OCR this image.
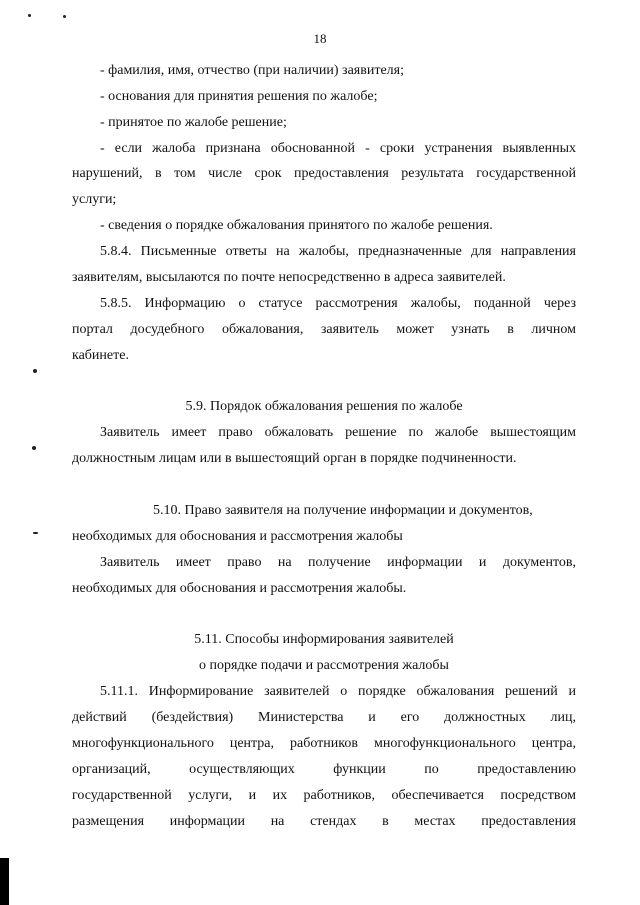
18
- фамилия, имя, отчество (при наличии) заявителя;
- основания для принятия решения по жалобе;
- принятое по жалобе решение;
- если жалоба признана обоснованной - сроки устранения выявленных
нарушений, в том числе срок предоставления результата государственной
услуги;
- сведения о порядке обжалования принятого по жалобе решения.
5.8.4. Письменные ответы на жалобы, предназначенные для направления
заявителям, высылаются по почте непосредственно в адреса заявителей.
5.8.5. Информацию о статусе рассмотрения жалобы, поданной через
портал досудебного обжалования, заявитель может узнать в личном
кабинете.
5.9. Порядок обжалования решения по жалобе
Заявитель имеет право обжаловать решение по жалобе вышестоящим
должностным лицам или в вышестоящий орган в порядке подчиненности.
5.10. Право заявителя на получение информации и документов,
необходимых для обоснования и рассмотрения жалобы
Заявитель имеет право на получение информации и документов,
необходимых для обоснования и рассмотрения жалобы.
5.11. Способы информирования заявителей
о порядке подачи и рассмотрения жалобы
5.11.1. Информирование заявителей о порядке обжалования решений и
действий (бездействия) Министерства и его должностных лиц,
многофункционального центра, работников многофункционального центра,
организаций, осуществляющих функции по предоставлению
государственной услуги, и их работников, обеспечивается посредством
размещения информации на стендах в местах предоставления
